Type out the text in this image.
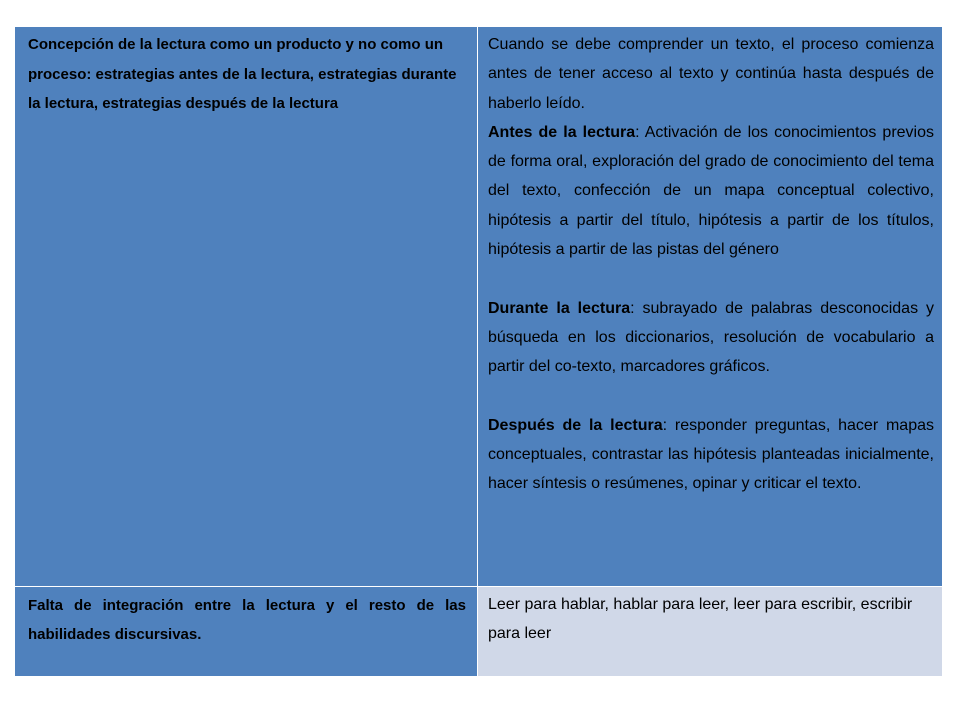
Concepción de la lectura como un producto y no como un proceso: estrategias antes de la lectura, estrategias durante la lectura, estrategias después de la lectura	Cuando se debe comprender un texto, el proceso comienza antes de tener acceso al texto y continúa hasta después de haberlo leído.

Antes de la lectura: Activación de los conocimientos previos de forma oral, exploración del grado de conocimiento del tema del texto, confección de un mapa conceptual colectivo, hipótesis a partir del título, hipótesis a partir de los títulos, hipótesis a partir de las pistas del género

Durante la lectura: subrayado de palabras desconocidas y búsqueda en los diccionarios, resolución de vocabulario a partir del co-texto, marcadores gráficos.

Después de la lectura: responder preguntas, hacer mapas conceptuales, contrastar las hipótesis planteadas inicialmente, hacer síntesis o resúmenes, opinar y criticar el texto.

Falta de integración entre la lectura y el resto de las habilidades discursivas.	Leer para hablar, hablar para leer, leer para escribir, escribir para leer
